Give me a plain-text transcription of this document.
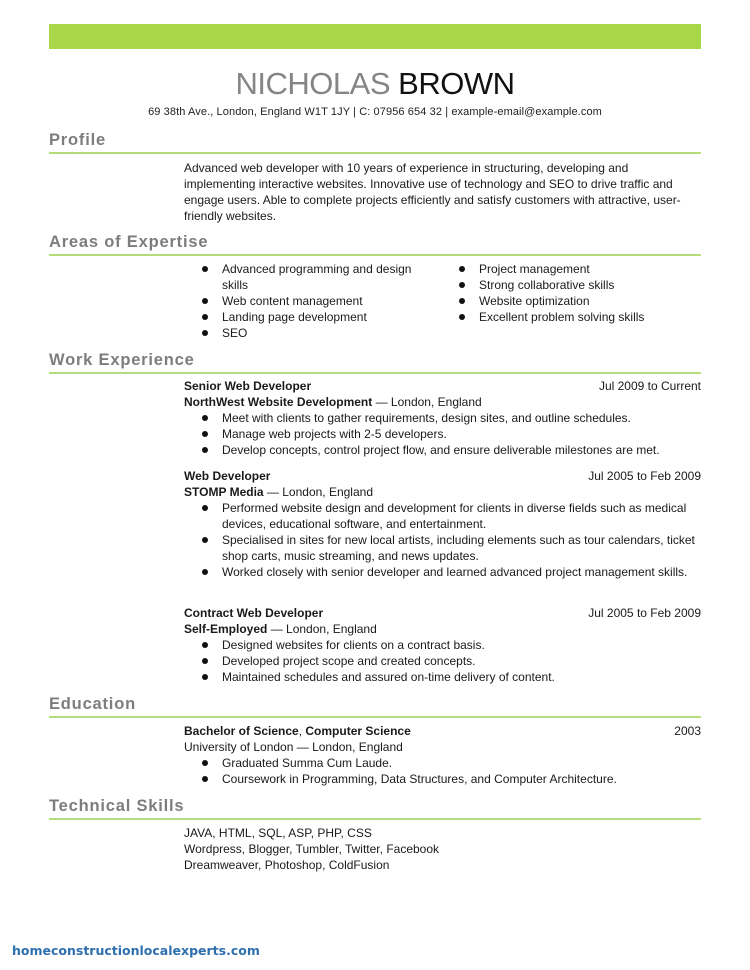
NICHOLAS BROWN
69 38th Ave., London, England W1T 1JY | C: 07956 654 32 | example-email@example.com
Profile
Advanced web developer with 10 years of experience in structuring, developing and implementing interactive websites. Innovative use of technology and SEO to drive traffic and engage users. Able to complete projects efficiently and satisfy customers with attractive, user-friendly websites.
Areas of Expertise
Advanced programming and design skills
Web content management
Landing page development
SEO
Project management
Strong collaborative skills
Website optimization
Excellent problem solving skills
Work Experience
Senior Web Developer	Jul 2009 to Current
NorthWest Website Development — London, England
Meet with clients to gather requirements, design sites, and outline schedules.
Manage web projects with 2-5 developers.
Develop concepts, control project flow, and ensure deliverable milestones are met.
Web Developer	Jul 2005 to Feb 2009
STOMP Media — London, England
Performed website design and development for clients in diverse fields such as medical devices, educational software, and entertainment.
Specialised in sites for new local artists, including elements such as tour calendars, ticket shop carts, music streaming, and news updates.
Worked closely with senior developer and learned advanced project management skills.
Contract Web Developer	Jul 2005 to Feb 2009
Self-Employed — London, England
Designed websites for clients on a contract basis.
Developed project scope and created concepts.
Maintained schedules and assured on-time delivery of content.
Education
Bachelor of Science, Computer Science	2003
University of London — London, England
Graduated Summa Cum Laude.
Coursework in Programming, Data Structures, and Computer Architecture.
Technical Skills
JAVA, HTML, SQL, ASP, PHP, CSS
Wordpress, Blogger, Tumbler, Twitter, Facebook
Dreamweaver, Photoshop, ColdFusion
homeconstructionlocalexperts.com
